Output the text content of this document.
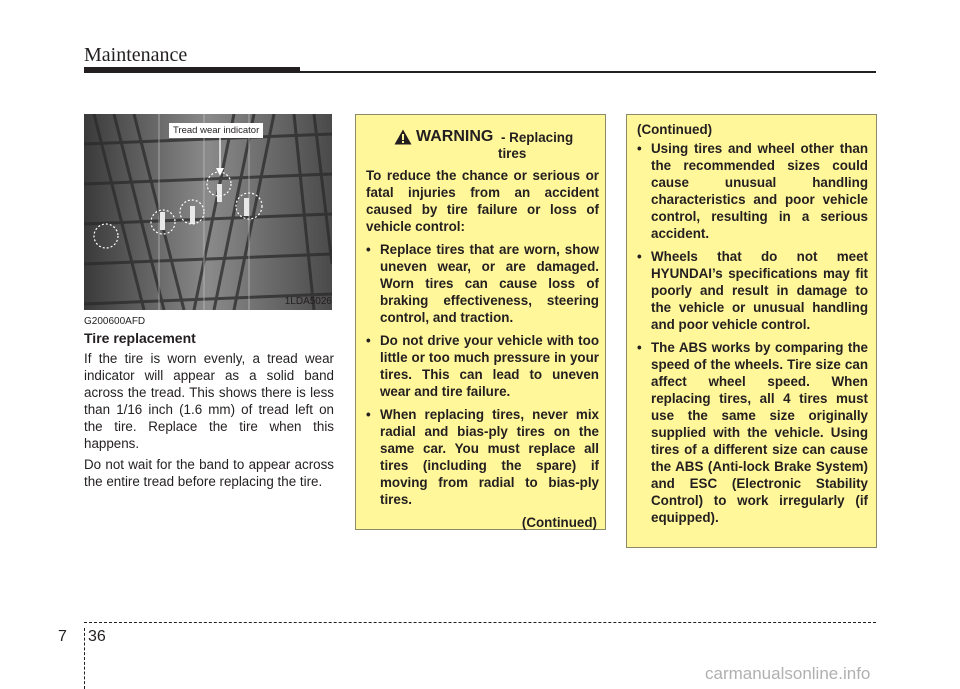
Maintenance
Tread wear indicator
1LDA5026
G200600AFD
Tire replacement

If the tire is worn evenly, a tread wear indicator will appear as a solid band across the tread. This shows there is less than 1/16 inch (1.6 mm) of tread left on the tire. Replace the tire when this happens.

Do not wait for the band to appear across the entire tread before replacing the tire.

WARNING - Replacing
tires
To reduce the chance or serious or fatal injuries from an accident caused by tire failure or loss of vehicle control:
• Replace tires that are worn, show uneven wear, or are damaged. Worn tires can cause loss of braking effectiveness, steering control, and traction.
• Do not drive your vehicle with too little or too much pressure in your tires. This can lead to uneven wear and tire failure.
• When replacing tires, never mix radial and bias-ply tires on the same car. You must replace all tires (including the spare) if moving from radial to bias-ply tires.
(Continued)
(Continued)
• Using tires and wheel other than the recommended sizes could cause unusual handling characteristics and poor vehicle control, resulting in a serious accident.
• Wheels that do not meet HYUNDAI’s specifications may fit poorly and result in damage to the vehicle or unusual handling and poor vehicle control.
• The ABS works by comparing the speed of the wheels. Tire size can affect wheel speed. When replacing tires, all 4 tires must use the same size originally supplied with the vehicle. Using tires of a different size can cause the ABS (Anti-lock Brake System) and ESC (Electronic Stability Control) to work irregularly (if equipped).
7 36
carmanualsonline.info
